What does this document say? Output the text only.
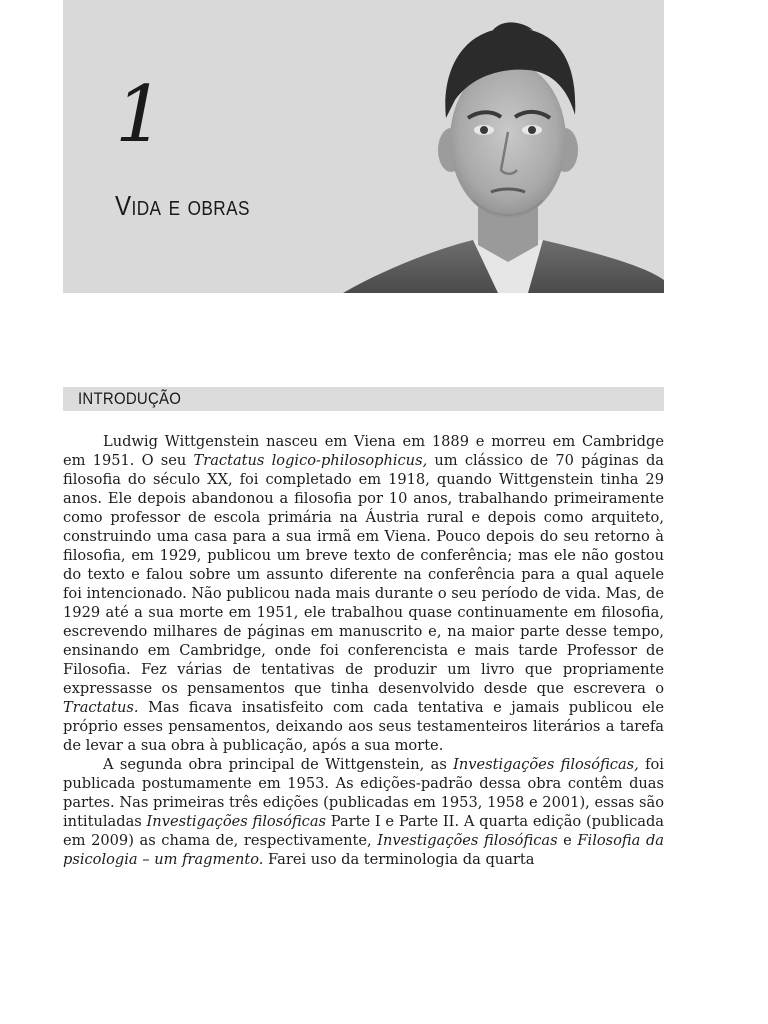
1
Vida e obras
INTRODUÇÃO

Ludwig Wittgenstein nasceu em Viena em 1889 e morreu em Cambridge em 1951. O seu Tractatus logico-philosophicus, um clássico de 70 páginas da filosofia do século XX, foi completado em 1918, quando Wittgenstein tinha 29 anos. Ele depois abandonou a filosofia por 10 anos, trabalhando primeiramente como professor de escola primária na Áustria rural e depois como arquiteto, construindo uma casa para a sua irmã em Viena. Pouco depois do seu retorno à filosofia, em 1929, publicou um breve texto de conferência; mas ele não gostou do texto e falou sobre um assunto diferente na conferência para a qual aquele foi intencionado. Não publicou nada mais durante o seu período de vida. Mas, de 1929 até a sua morte em 1951, ele trabalhou quase continuamente em filosofia, escrevendo milhares de páginas em manuscrito e, na maior parte desse tempo, ensinando em Cambridge, onde foi conferencista e mais tarde Professor de Filosofia. Fez várias de tentativas de produzir um livro que propriamente expressasse os pensamentos que tinha desenvolvido desde que escrevera o Tractatus. Mas ficava insatisfeito com cada tentativa e jamais publicou ele próprio esses pensamentos, deixando aos seus testamenteiros literários a tarefa de levar a sua obra à publicação, após a sua morte.

A segunda obra principal de Wittgenstein, as Investigações filosóficas, foi publicada postumamente em 1953. As edições-padrão dessa obra contêm duas partes. Nas primeiras três edições (publicadas em 1953, 1958 e 2001), essas são intituladas Investigações filosóficas Parte I e Parte II. A quarta edição (publicada em 2009) as chama de, respectivamente, Investigações filosóficas e Filosofia da psicologia – um fragmento. Farei uso da terminologia da quarta
